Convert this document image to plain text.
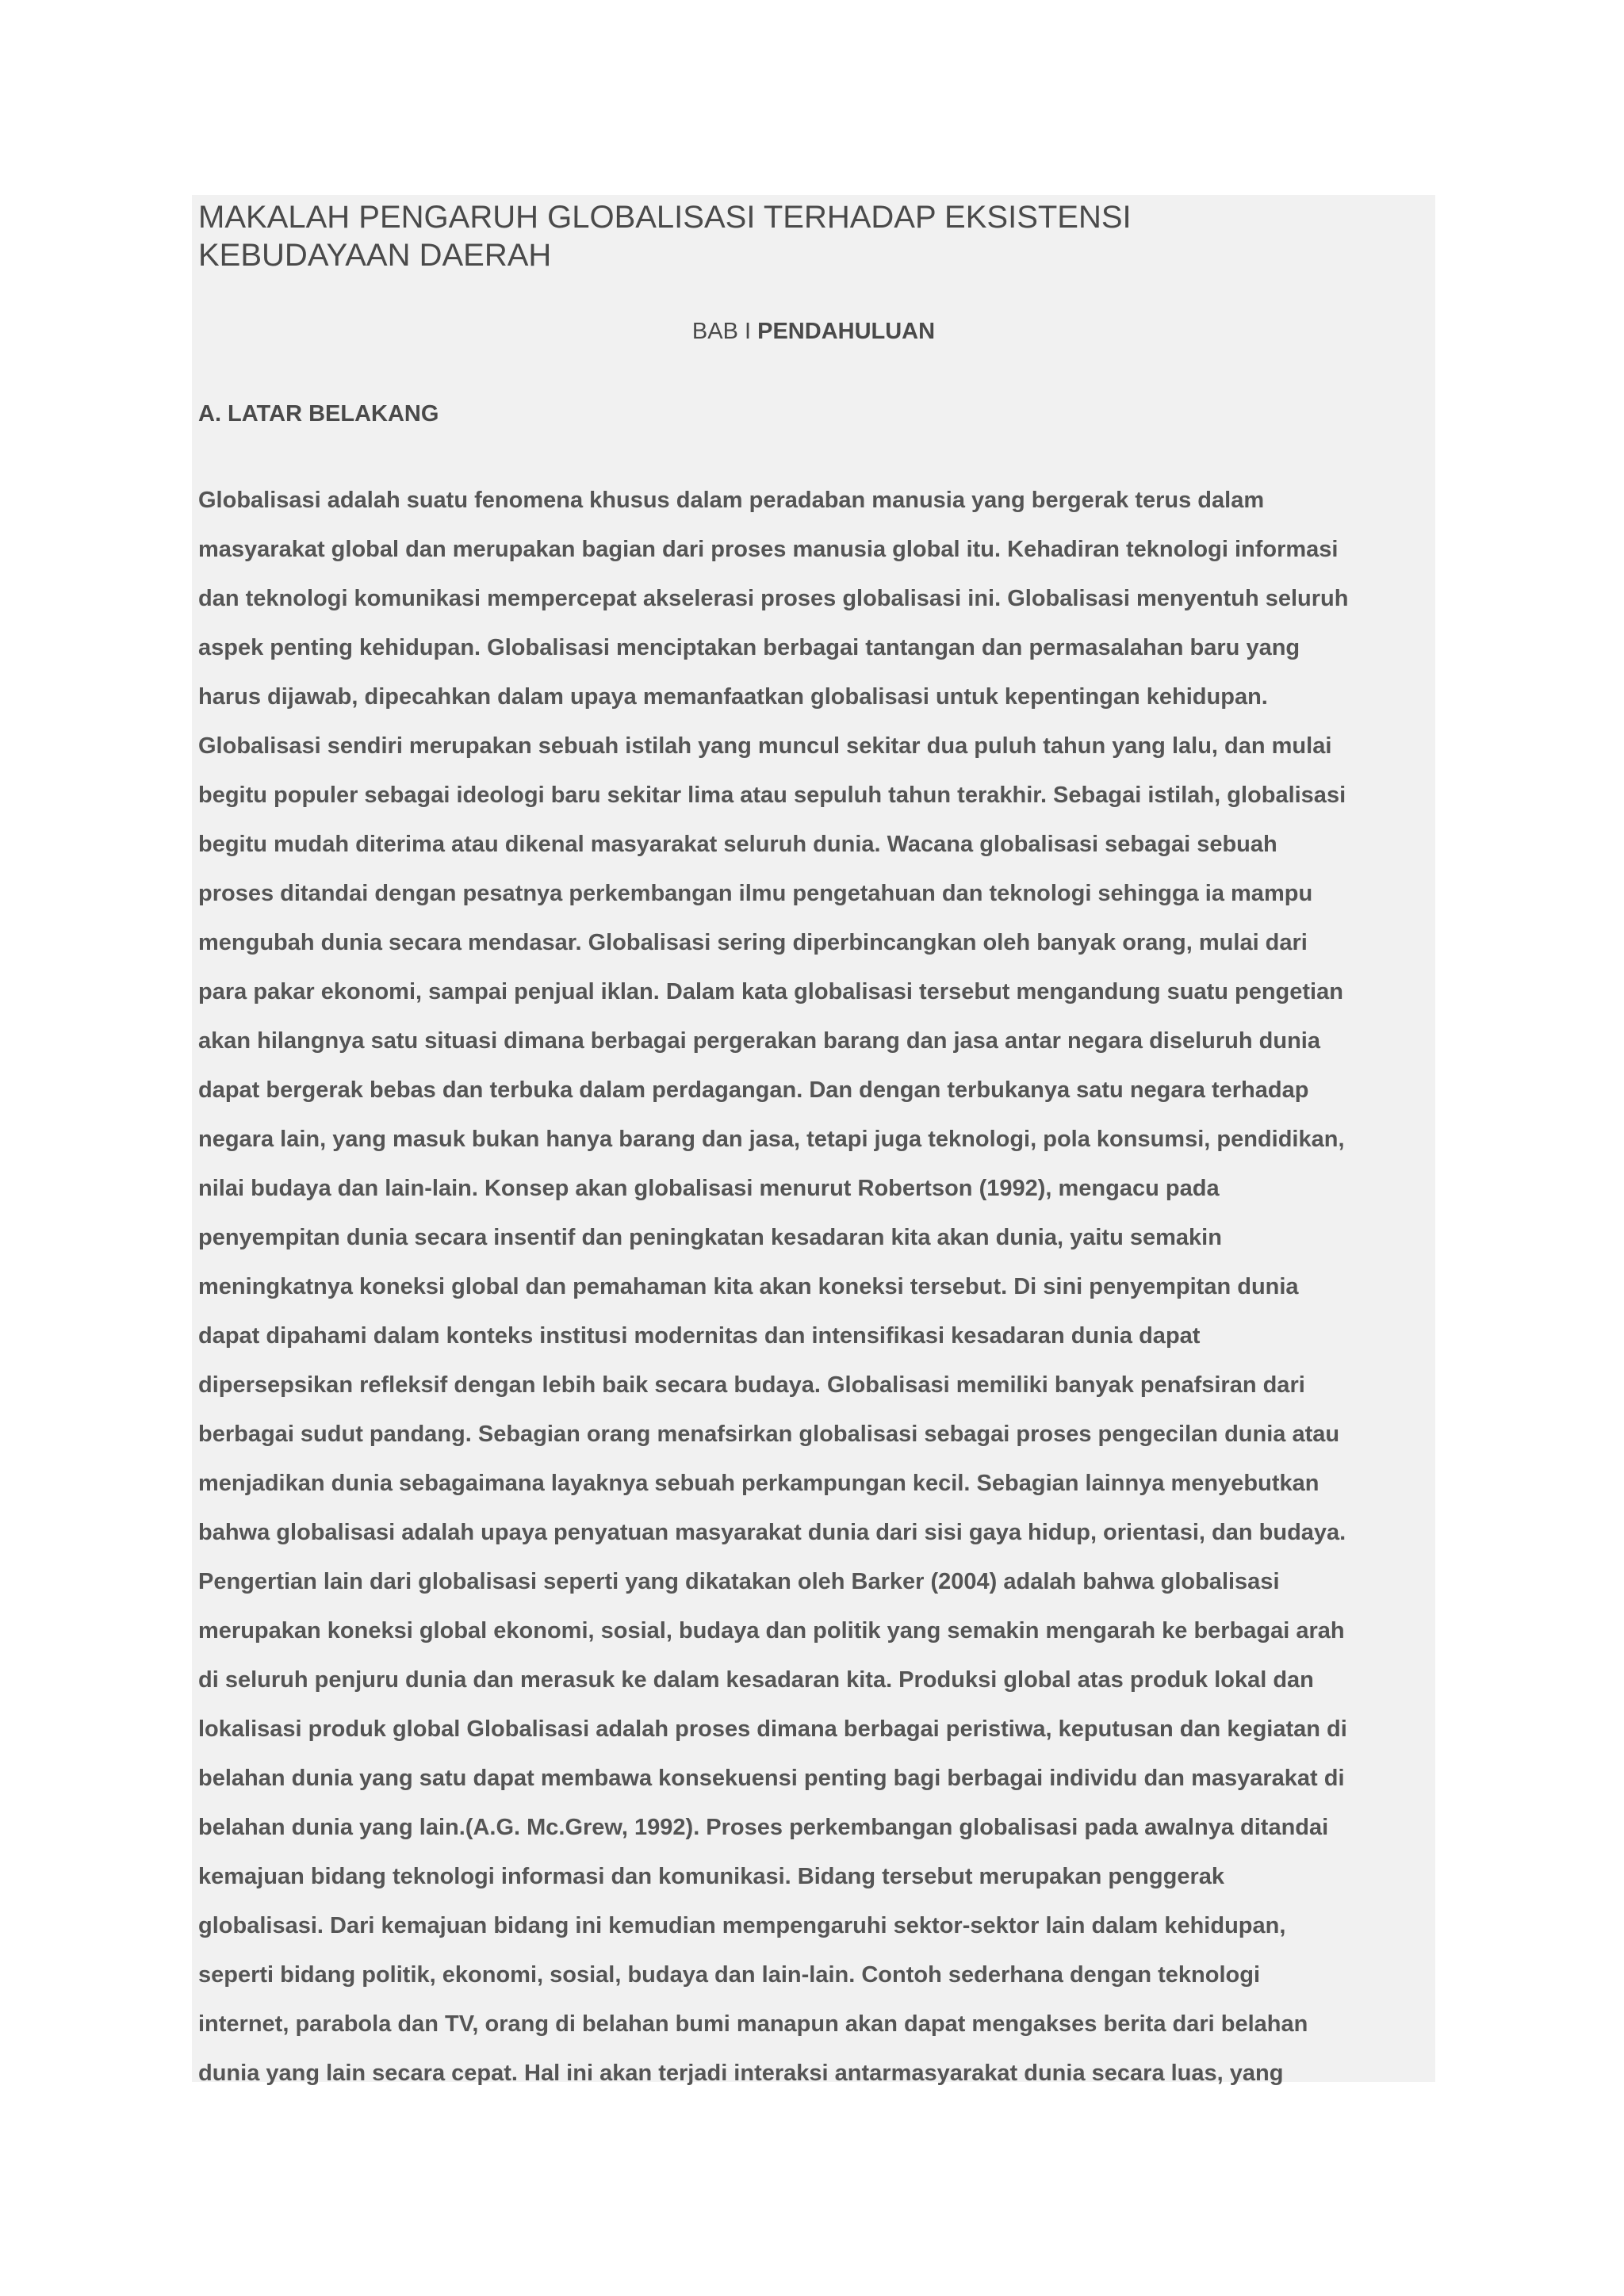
MAKALAH PENGARUH GLOBALISASI TERHADAP EKSISTENSI
KEBUDAYAAN DAERAH
BAB I PENDAHULUAN
A. LATAR BELAKANG
Globalisasi adalah suatu fenomena khusus dalam peradaban manusia yang bergerak terus dalam
masyarakat global dan merupakan bagian dari proses manusia global itu. Kehadiran teknologi informasi
dan teknologi komunikasi mempercepat akselerasi proses globalisasi ini. Globalisasi menyentuh seluruh
aspek penting kehidupan. Globalisasi menciptakan berbagai tantangan dan permasalahan baru yang
harus dijawab, dipecahkan dalam upaya memanfaatkan globalisasi untuk kepentingan kehidupan.
Globalisasi sendiri merupakan sebuah istilah yang muncul sekitar dua puluh tahun yang lalu, dan mulai
begitu populer sebagai ideologi baru sekitar lima atau sepuluh tahun terakhir. Sebagai istilah, globalisasi
begitu mudah diterima atau dikenal masyarakat seluruh dunia. Wacana globalisasi sebagai sebuah
proses ditandai dengan pesatnya perkembangan ilmu pengetahuan dan teknologi sehingga ia mampu
mengubah dunia secara mendasar. Globalisasi sering diperbincangkan oleh banyak orang, mulai dari
para pakar ekonomi, sampai penjual iklan. Dalam kata globalisasi tersebut mengandung suatu pengetian
akan hilangnya satu situasi dimana berbagai pergerakan barang dan jasa antar negara diseluruh dunia
dapat bergerak bebas dan terbuka dalam perdagangan. Dan dengan terbukanya satu negara terhadap
negara lain, yang masuk bukan hanya barang dan jasa, tetapi juga teknologi, pola konsumsi, pendidikan,
nilai budaya dan lain-lain. Konsep akan globalisasi menurut Robertson (1992), mengacu pada
penyempitan dunia secara insentif dan peningkatan kesadaran kita akan dunia, yaitu semakin
meningkatnya koneksi global dan pemahaman kita akan koneksi tersebut. Di sini penyempitan dunia
dapat dipahami dalam konteks institusi modernitas dan intensifikasi kesadaran dunia dapat
dipersepsikan refleksif dengan lebih baik secara budaya. Globalisasi memiliki banyak penafsiran dari
berbagai sudut pandang. Sebagian orang menafsirkan globalisasi sebagai proses pengecilan dunia atau
menjadikan dunia sebagaimana layaknya sebuah perkampungan kecil. Sebagian lainnya menyebutkan
bahwa globalisasi adalah upaya penyatuan masyarakat dunia dari sisi gaya hidup, orientasi, dan budaya.
Pengertian lain dari globalisasi seperti yang dikatakan oleh Barker (2004) adalah bahwa globalisasi
merupakan koneksi global ekonomi, sosial, budaya dan politik yang semakin mengarah ke berbagai arah
di seluruh penjuru dunia dan merasuk ke dalam kesadaran kita. Produksi global atas produk lokal dan
lokalisasi produk global Globalisasi adalah proses dimana berbagai peristiwa, keputusan dan kegiatan di
belahan dunia yang satu dapat membawa konsekuensi penting bagi berbagai individu dan masyarakat di
belahan dunia yang lain.(A.G. Mc.Grew, 1992). Proses perkembangan globalisasi pada awalnya ditandai
kemajuan bidang teknologi informasi dan komunikasi. Bidang tersebut merupakan penggerak
globalisasi. Dari kemajuan bidang ini kemudian mempengaruhi sektor-sektor lain dalam kehidupan,
seperti bidang politik, ekonomi, sosial, budaya dan lain-lain. Contoh sederhana dengan teknologi
internet, parabola dan TV, orang di belahan bumi manapun akan dapat mengakses berita dari belahan
dunia yang lain secara cepat. Hal ini akan terjadi interaksi antarmasyarakat dunia secara luas, yang
